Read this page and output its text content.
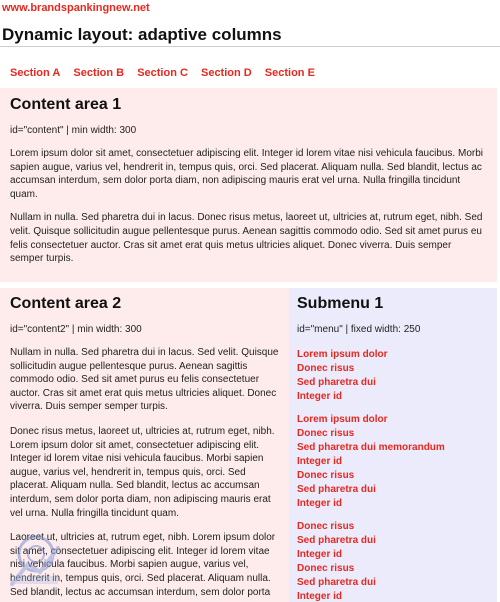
www.brandspankingnew.net
Dynamic layout: adaptive columns
Section A Section B Section C Section D Section E
Content area 1
id="content" | min width: 300

Lorem ipsum dolor sit amet, consectetuer adipiscing elit. Integer id lorem vitae nisi vehicula faucibus. Morbi sapien augue, varius vel, hendrerit in, tempus quis, orci. Sed placerat. Aliquam nulla. Sed blandit, lectus ac accumsan interdum, sem dolor porta diam, non adipiscing mauris erat vel urna. Nulla fringilla tincidunt quam.

Nullam in nulla. Sed pharetra dui in lacus. Donec risus metus, laoreet ut, ultricies at, rutrum eget, nibh. Sed velit. Quisque sollicitudin augue pellentesque purus. Aenean sagittis commodo odio. Sed sit amet purus eu felis consectetuer auctor. Cras sit amet erat quis metus ultricies aliquet. Donec viverra. Duis semper semper turpis.

Content area 2
id="content2" | min width: 300

Nullam in nulla. Sed pharetra dui in lacus. Sed velit. Quisque sollicitudin augue pellentesque purus. Aenean sagittis commodo odio. Sed sit amet purus eu felis consectetuer auctor. Cras sit amet erat quis metus ultricies aliquet. Donec viverra. Duis semper semper turpis.

Donec risus metus, laoreet ut, ultricies at, rutrum eget, nibh. Lorem ipsum dolor sit amet, consectetuer adipiscing elit. Integer id lorem vitae nisi vehicula faucibus. Morbi sapien augue, varius vel, hendrerit in, tempus quis, orci. Sed placerat. Aliquam nulla. Sed blandit, lectus ac accumsan interdum, sem dolor porta diam, non adipiscing mauris erat vel urna. Nulla fringilla tincidunt quam.

Laoreet ut, ultricies at, rutrum eget, nibh. Lorem ipsum dolor sit amet, consectetuer adipiscing elit. Integer id lorem vitae nisi vehicula faucibus. Morbi sapien augue, varius vel, hendrerit in, tempus quis, orci. Sed placerat. Aliquam nulla. Sed blandit, lectus ac accumsan interdum, sem dolor porta

Submenu 1
id="menu" | fixed width: 250
Lorem ipsum dolor
Donec risus
Sed pharetra dui
Integer id
Lorem ipsum dolor
Donec risus
Sed pharetra dui memorandum
Integer id
Donec risus
Sed pharetra dui
Integer id
Donec risus
Sed pharetra dui
Integer id
Donec risus
Sed pharetra dui
Integer id
